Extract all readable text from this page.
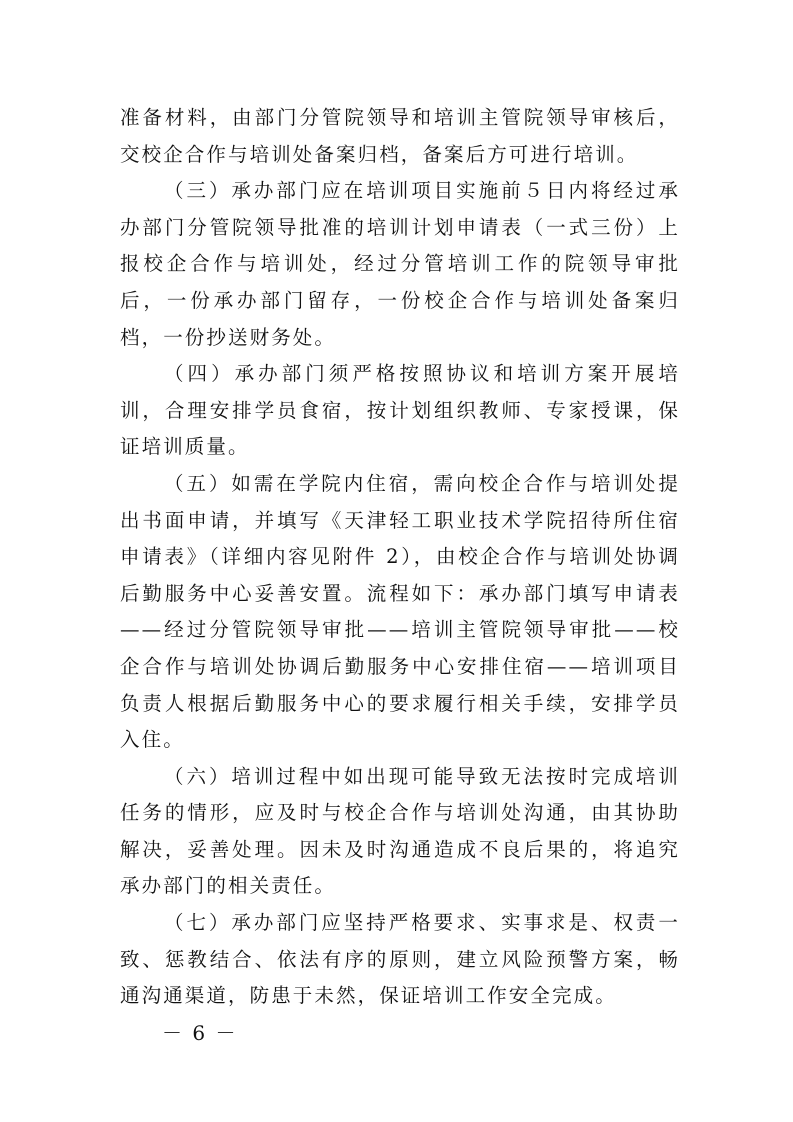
准备材料，由部门分管院领导和培训主管院领导审核后，交校企合作与培训处备案归档，备案后方可进行培训。

（三）承办部门应在培训项目实施前５日内将经过承办部门分管院领导批准的培训计划申请表（一式三份）上报校企合作与培训处，经过分管培训工作的院领导审批后，一份承办部门留存，一份校企合作与培训处备案归档，一份抄送财务处。

（四）承办部门须严格按照协议和培训方案开展培训，合理安排学员食宿，按计划组织教师、专家授课，保证培训质量。

（五）如需在学院内住宿，需向校企合作与培训处提出书面申请，并填写《天津轻工职业技术学院招待所住宿申请表》（详细内容见附件 2），由校企合作与培训处协调后勤服务中心妥善安置。流程如下：承办部门填写申请表——经过分管院领导审批——培训主管院领导审批——校企合作与培训处协调后勤服务中心安排住宿——培训项目负责人根据后勤服务中心的要求履行相关手续，安排学员入住。

（六）培训过程中如出现可能导致无法按时完成培训任务的情形，应及时与校企合作与培训处沟通，由其协助解决，妥善处理。因未及时沟通造成不良后果的，将追究承办部门的相关责任。

（七）承办部门应坚持严格要求、实事求是、权责一致、惩教结合、依法有序的原则，建立风险预警方案，畅通沟通渠道，防患于未然，保证培训工作安全完成。

－ 6 －
